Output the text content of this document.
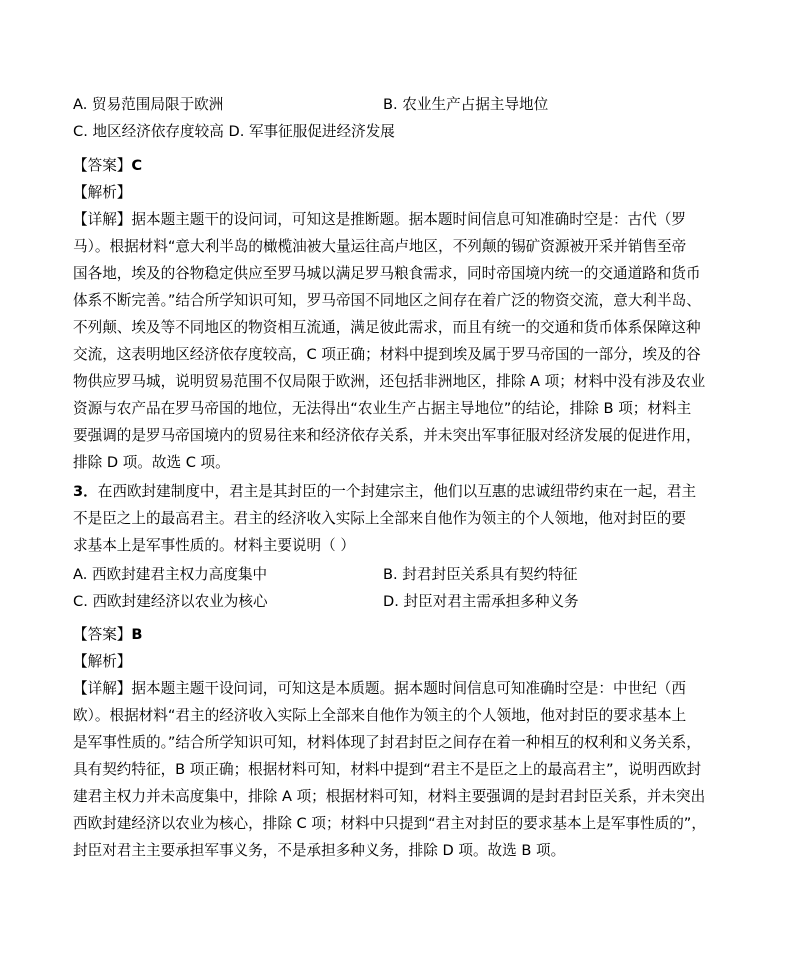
A. 贸易范围局限于欧洲	B. 农业生产占据主导地位
C. 地区经济依存度较高 D. 军事征服促进经济发展
【答案】C
【解析】
【详解】据本题主题干的设问词，可知这是推断题。据本题时间信息可知准确时空是：古代（罗
马）。根据材料“意大利半岛的橄榄油被大量运往高卢地区，不列颠的锡矿资源被开采并销售至帝
国各地，埃及的谷物稳定供应至罗马城以满足罗马粮食需求，同时帝国境内统一的交通道路和货币
体系不断完善。”结合所学知识可知，罗马帝国不同地区之间存在着广泛的物资交流，意大利半岛、
不列颠、埃及等不同地区的物资相互流通，满足彼此需求，而且有统一的交通和货币体系保障这种
交流，这表明地区经济依存度较高，C 项正确；材料中提到埃及属于罗马帝国的一部分，埃及的谷
物供应罗马城，说明贸易范围不仅局限于欧洲，还包括非洲地区，排除 A 项；材料中没有涉及农业
资源与农产品在罗马帝国的地位，无法得出“农业生产占据主导地位”的结论，排除 B 项；材料主
要强调的是罗马帝国境内的贸易往来和经济依存关系，并未突出军事征服对经济发展的促进作用，
排除 D 项。故选 C 项。
3．在西欧封建制度中，君主是其封臣的一个封建宗主，他们以互惠的忠诚纽带约束在一起，君主
不是臣之上的最高君主。君主的经济收入实际上全部来自他作为领主的个人领地，他对封臣的要
求基本上是军事性质的。材料主要说明（ ）
A. 西欧封建君主权力高度集中	B. 封君封臣关系具有契约特征
C. 西欧封建经济以农业为核心	D. 封臣对君主需承担多种义务
【答案】B
【解析】
【详解】据本题主题干设问词，可知这是本质题。据本题时间信息可知准确时空是：中世纪（西
欧）。根据材料“君主的经济收入实际上全部来自他作为领主的个人领地，他对封臣的要求基本上
是军事性质的。”结合所学知识可知，材料体现了封君封臣之间存在着一种相互的权利和义务关系，
具有契约特征，B 项正确；根据材料可知，材料中提到“君主不是臣之上的最高君主”，说明西欧封
建君主权力并未高度集中，排除 A 项；根据材料可知，材料主要强调的是封君封臣关系，并未突出
西欧封建经济以农业为核心，排除 C 项；材料中只提到“君主对封臣的要求基本上是军事性质的”，
封臣对君主主要承担军事义务，不是承担多种义务，排除 D 项。故选 B 项。
